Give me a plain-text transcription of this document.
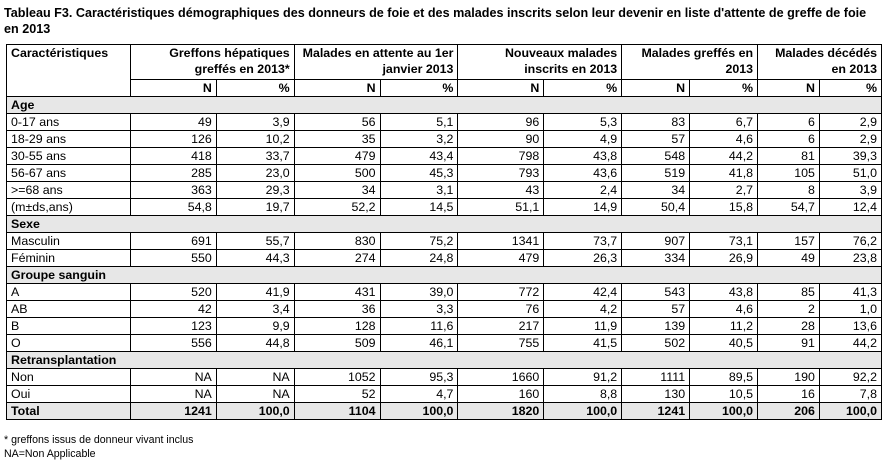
Tableau F3. Caractéristiques démographiques des donneurs de foie et des malades inscrits selon leur devenir en liste d'attente de greffe de foie en 2013
Caractéristiques	Greffons hépatiques greffés en 2013*		Malades en attente au 1er janvier 2013		Nouveaux malades inscrits en 2013		Malades greffés en 2013		Malades décédés en 2013	
	N	%	N	%	N	%	N	%	N	%
Age										
0-17 ans	49	3,9	56	5,1	96	5,3	83	6,7	6	2,9
18-29 ans	126	10,2	35	3,2	90	4,9	57	4,6	6	2,9
30-55 ans	418	33,7	479	43,4	798	43,8	548	44,2	81	39,3
56-67 ans	285	23,0	500	45,3	793	43,6	519	41,8	105	51,0
>=68 ans	363	29,3	34	3,1	43	2,4	34	2,7	8	3,9
(m±ds,ans)	54,8	19,7	52,2	14,5	51,1	14,9	50,4	15,8	54,7	12,4
Sexe										
Masculin	691	55,7	830	75,2	1341	73,7	907	73,1	157	76,2
Féminin	550	44,3	274	24,8	479	26,3	334	26,9	49	23,8
Groupe sanguin										
A	520	41,9	431	39,0	772	42,4	543	43,8	85	41,3
AB	42	3,4	36	3,3	76	4,2	57	4,6	2	1,0
B	123	9,9	128	11,6	217	11,9	139	11,2	28	13,6
O	556	44,8	509	46,1	755	41,5	502	40,5	91	44,2
Retransplantation										
Non	NA	NA	1052	95,3	1660	91,2	1111	89,5	190	92,2
Oui	NA	NA	52	4,7	160	8,8	130	10,5	16	7,8
Total	1241	100,0	1104	100,0	1820	100,0	1241	100,0	206	100,0
* greffons issus de donneur vivant inclus
NA=Non Applicable
